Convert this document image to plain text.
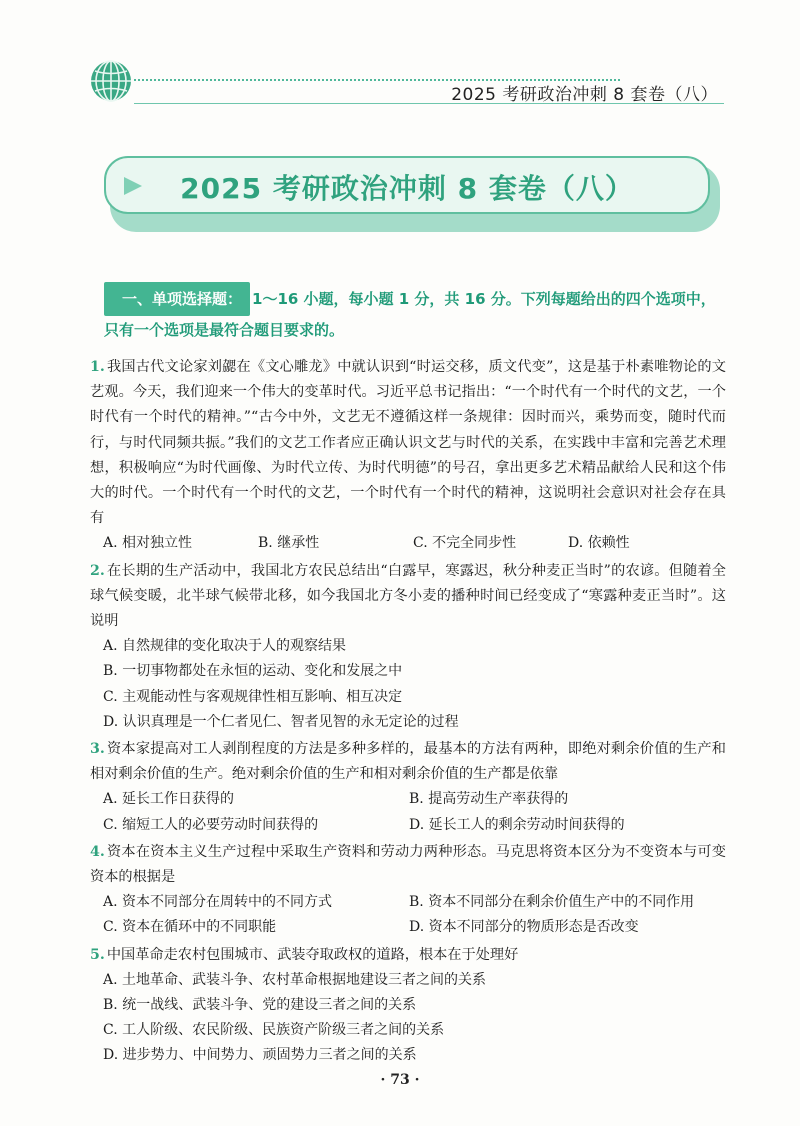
2025 考研政治冲刺 8 套卷（八）
2025 考研政治冲刺 8 套卷（八）
一、单项选择题： 1～16 小题，每小题 1 分，共 16 分。下列每题给出的四个选项中，只有一个选项是最符合题目要求的。
1. 我国古代文论家刘勰在《文心雕龙》中就认识到“时运交移，质文代变”，这是基于朴素唯物论的文艺观。今天，我们迎来一个伟大的变革时代。习近平总书记指出：“一个时代有一个时代的文艺，一个时代有一个时代的精神。”“古今中外，文艺无不遵循这样一条规律：因时而兴，乘势而变，随时代而行，与时代同频共振。”我们的文艺工作者应正确认识文艺与时代的关系，在实践中丰富和完善艺术理想，积极响应“为时代画像、为时代立传、为时代明德”的号召，拿出更多艺术精品献给人民和这个伟大的时代。一个时代有一个时代的文艺，一个时代有一个时代的精神，这说明社会意识对社会存在具有
A. 相对独立性	B. 继承性	C. 不完全同步性	D. 依赖性
2. 在长期的生产活动中，我国北方农民总结出“白露早，寒露迟，秋分种麦正当时”的农谚。但随着全球气候变暖，北半球气候带北移，如今我国北方冬小麦的播种时间已经变成了“寒露种麦正当时”。这说明
A. 自然规律的变化取决于人的观察结果
B. 一切事物都处在永恒的运动、变化和发展之中
C. 主观能动性与客观规律性相互影响、相互决定
D. 认识真理是一个仁者见仁、智者见智的永无定论的过程
3. 资本家提高对工人剥削程度的方法是多种多样的，最基本的方法有两种，即绝对剩余价值的生产和相对剩余价值的生产。绝对剩余价值的生产和相对剩余价值的生产都是依靠
A. 延长工作日获得的	B. 提高劳动生产率获得的
C. 缩短工人的必要劳动时间获得的	D. 延长工人的剩余劳动时间获得的
4. 资本在资本主义生产过程中采取生产资料和劳动力两种形态。马克思将资本区分为不变资本与可变资本的根据是
A. 资本不同部分在周转中的不同方式	B. 资本不同部分在剩余价值生产中的不同作用
C. 资本在循环中的不同职能	D. 资本不同部分的物质形态是否改变
5. 中国革命走农村包围城市、武装夺取政权的道路，根本在于处理好
A. 土地革命、武装斗争、农村革命根据地建设三者之间的关系
B. 统一战线、武装斗争、党的建设三者之间的关系
C. 工人阶级、农民阶级、民族资产阶级三者之间的关系
D. 进步势力、中间势力、顽固势力三者之间的关系
· 73 ·
